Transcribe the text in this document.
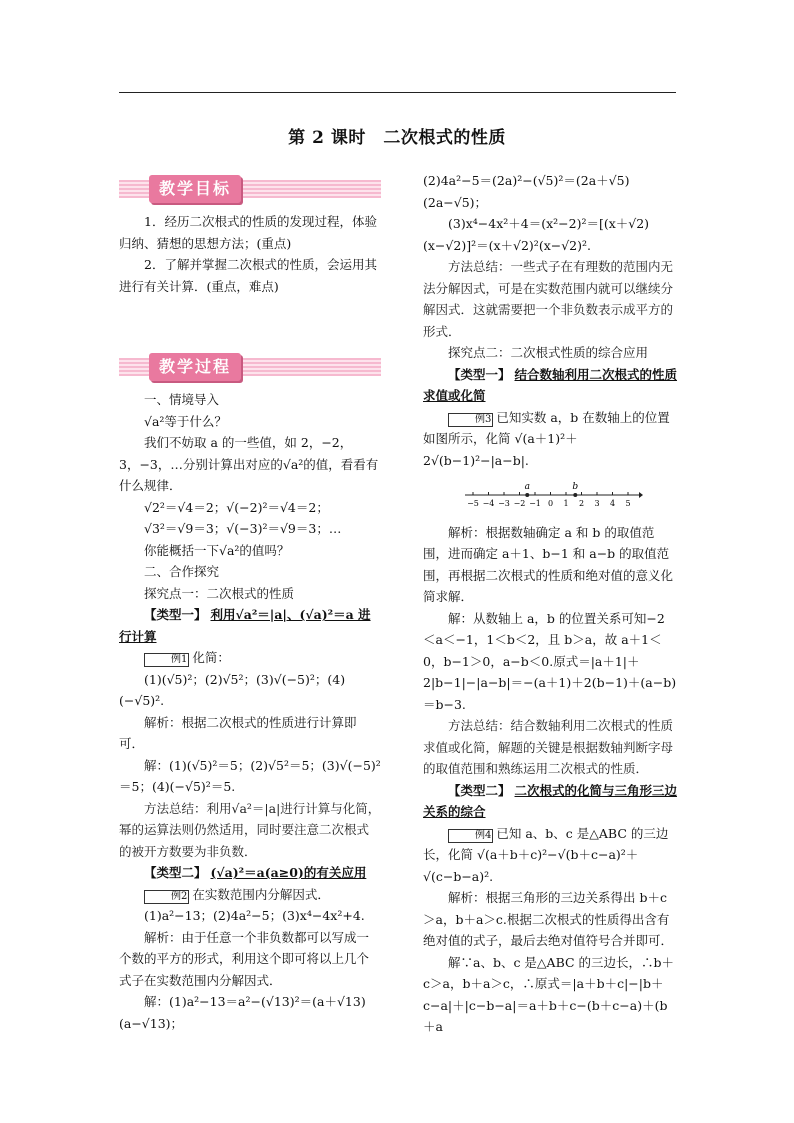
第 2 课时　二次根式的性质
教学目标

1．经历二次根式的性质的发现过程，体验归纳、猜想的思想方法；(重点)

2．了解并掌握二次根式的性质，会运用其进行有关计算．(重点，难点)

教学过程

一、情境导入

√a²等于什么？

我们不妨取 a 的一些值，如 2，−2，3，−3，…分别计算出对应的√a²的值，看看有什么规律．

√2²＝√4＝2；√(−2)²＝√4＝2；

√3²＝√9＝3；√(−3)²＝√9＝3；…

你能概括一下√a²的值吗？

二、合作探究

探究点一：二次根式的性质

【类型一】 利用√a²＝|a|、(√a)²＝a 进行计算

例1 化简：

(1)(√5)²；(2)√5²；(3)√(−5)²；(4)(−√5)².

解析：根据二次根式的性质进行计算即可．

解：(1)(√5)²＝5；(2)√5²＝5；(3)√(−5)²＝5；(4)(−√5)²＝5.

方法总结：利用√a²＝|a|进行计算与化简，幂的运算法则仍然适用，同时要注意二次根式的被开方数要为非负数．

【类型二】 (√a)²＝a(a≥0)的有关应用

例2 在实数范围内分解因式．

(1)a²−13；(2)4a²−5；(3)x⁴−4x²+4.

解析：由于任意一个非负数都可以写成一个数的平方的形式，利用这个即可将以上几个式子在实数范围内分解因式．

解：(1)a²−13＝a²−(√13)²＝(a＋√13)(a−√13)；

(2)4a²−5＝(2a)²−(√5)²＝(2a＋√5)(2a−√5)；

(3)x⁴−4x²＋4＝(x²−2)²＝[(x＋√2)(x−√2)]²＝(x＋√2)²(x−√2)².

方法总结：一些式子在有理数的范围内无法分解因式，可是在实数范围内就可以继续分解因式．这就需要把一个非负数表示成平方的形式．

探究点二：二次根式性质的综合应用

【类型一】 结合数轴利用二次根式的性质求值或化简

例3 已知实数 a，b 在数轴上的位置如图所示，化简 √(a＋1)²＋2√(b−1)²−|a−b|.

−5 −4 −3 −2 −1 0 1 2 3 4 5
a	b

解析：根据数轴确定 a 和 b 的取值范围，进而确定 a＋1、b−1 和 a−b 的取值范围，再根据二次根式的性质和绝对值的意义化简求解．

解：从数轴上 a，b 的位置关系可知−2＜a＜−1，1＜b＜2，且 b＞a，故 a＋1＜0，b−1＞0，a−b＜0.原式＝|a＋1|＋2|b−1|−|a−b|＝−(a＋1)＋2(b−1)＋(a−b)＝b−3.

方法总结：结合数轴利用二次根式的性质求值或化简，解题的关键是根据数轴判断字母的取值范围和熟练运用二次根式的性质．

【类型二】 二次根式的化简与三角形三边关系的综合

例4 已知 a、b、c 是△ABC 的三边长，化简 √(a＋b＋c)²−√(b＋c−a)²＋√(c−b−a)².

解析：根据三角形的三边关系得出 b＋c＞a，b＋a＞c.根据二次根式的性质得出含有绝对值的式子，最后去绝对值符号合并即可．

解∵a、b、c 是△ABC 的三边长，∴b＋c＞a，b＋a＞c，∴原式＝|a＋b＋c|−|b＋c−a|＋|c−b−a|＝a＋b＋c−(b＋c−a)＋(b＋a
